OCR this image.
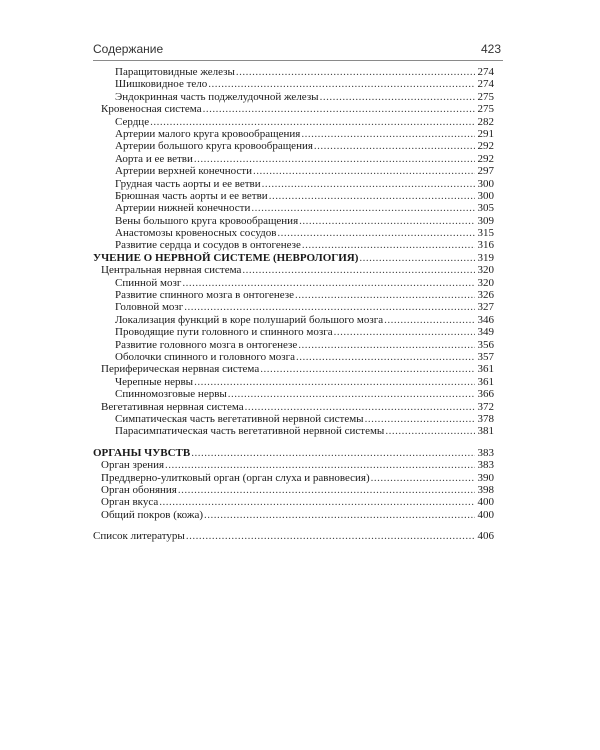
Содержание	423
Паращитовидные железы .....	274
Шишковидное тело .....	274
Эндокринная часть поджелудочной железы .....	275
Кровеносная система .....	275
Сердце .....	282
Артерии малого круга кровообращения .....	291
Артерии большого круга кровообращения .....	292
Аорта и ее ветви .....	292
Артерии верхней конечности .....	297
Грудная часть аорты и ее ветви .....	300
Брюшная часть аорты и ее ветви .....	300
Артерии нижней конечности .....	305
Вены большого круга кровообращения .....	309
Анастомозы кровеносных сосудов .....	315
Развитие сердца и сосудов в онтогенезе .....	316
УЧЕНИЕ О НЕРВНОЙ СИСТЕМЕ (НЕВРОЛОГИЯ) .....	319
Центральная нервная система .....	320
Спинной мозг .....	320
Развитие спинного мозга в онтогенезе .....	326
Головной мозг .....	327
Локализация функций в коре полушарий большого мозга .....	346
Проводящие пути головного и спинного мозга .....	349
Развитие головного мозга в онтогенезе .....	356
Оболочки спинного и головного мозга .....	357
Периферическая нервная система .....	361
Черепные нервы .....	361
Спинномозговые нервы .....	366
Вегетативная нервная система .....	372
Симпатическая часть вегетативной нервной системы .....	378
Парасимпатическая часть вегетативной нервной системы .....	381
ОРГАНЫ ЧУВСТВ .....	383
Орган зрения .....	383
Преддверно-улитковый орган (орган слуха и равновесия) .....	390
Орган обоняния .....	398
Орган вкуса .....	400
Общий покров (кожа) .....	400
Список литературы .....	406
